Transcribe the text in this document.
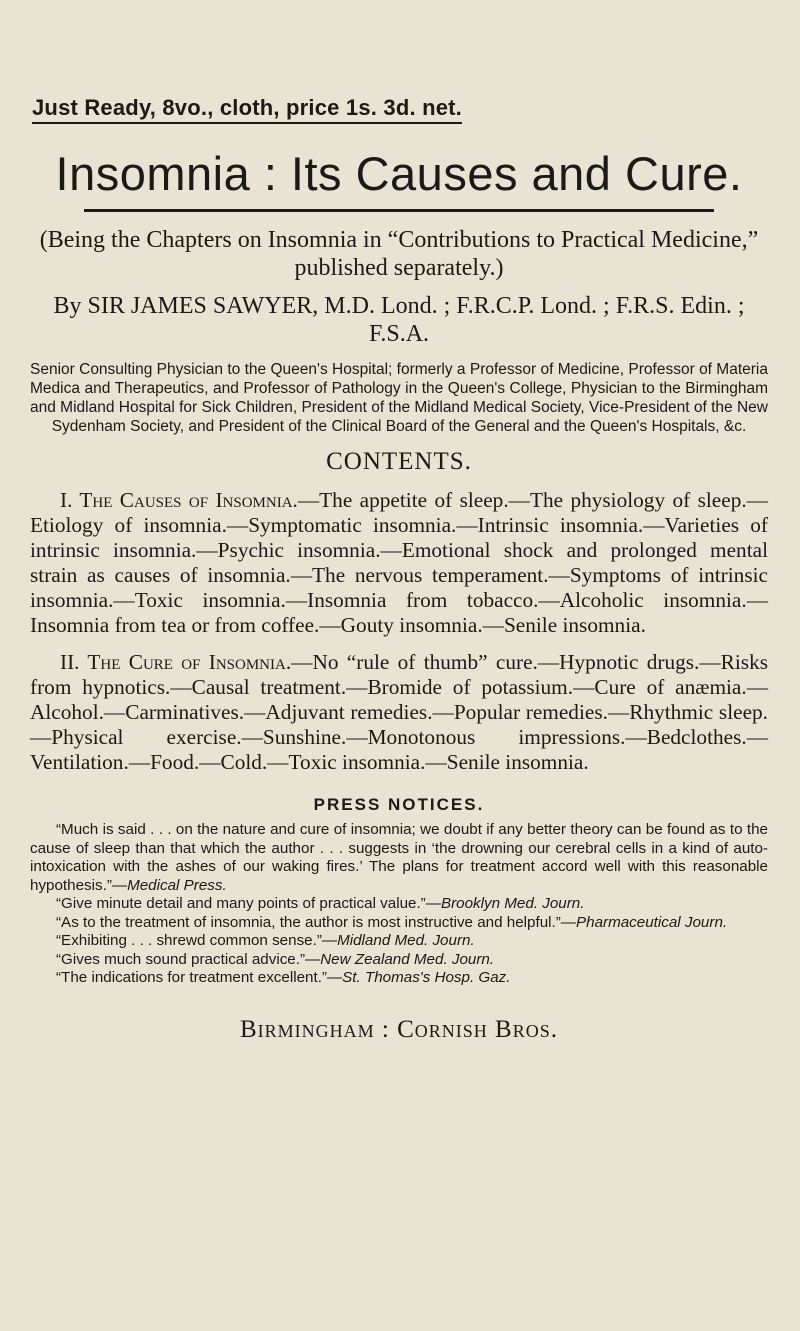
Just Ready, 8vo., cloth, price 1s. 3d. net.
Insomnia : Its Causes and Cure.
(Being the Chapters on Insomnia in “Contributions to Practical Medicine,” published separately.)
By SIR JAMES SAWYER, M.D. Lond. ; F.R.C.P. Lond. ; F.R.S. Edin. ; F.S.A.
Senior Consulting Physician to the Queen's Hospital; formerly a Professor of Medicine, Professor of Materia Medica and Therapeutics, and Professor of Pathology in the Queen's College, Physician to the Birmingham and Midland Hospital for Sick Children, President of the Midland Medical Society, Vice-President of the New Sydenham Society, and President of the Clinical Board of the General and the Queen's Hospitals, &c.
CONTENTS.
I. The Causes of Insomnia.—The appetite of sleep.—The physiology of sleep.—Etiology of insomnia.—Symptomatic insomnia.—Intrinsic insomnia.—Varieties of intrinsic insomnia.—Psychic insomnia.—Emotional shock and prolonged mental strain as causes of insomnia.—The nervous temperament.—Symptoms of intrinsic insomnia.—Toxic insomnia.—Insomnia from tobacco.—Alcoholic insomnia.—Insomnia from tea or from coffee.—Gouty insomnia.—Senile insomnia.
II. The Cure of Insomnia.—No “rule of thumb” cure.—Hypnotic drugs.—Risks from hypnotics.—Causal treatment.—Bromide of potassium.—Cure of anæmia.—Alcohol.—Carminatives.—Adjuvant remedies.—Popular remedies.—Rhythmic sleep.—Physical exercise.—Sunshine.—Monotonous impressions.—Bedclothes.—Ventilation.—Food.—Cold.—Toxic insomnia.—Senile insomnia.
PRESS NOTICES.

“Much is said . . . on the nature and cure of insomnia; we doubt if any better theory can be found as to the cause of sleep than that which the author . . . suggests in ‘the drowning our cerebral cells in a kind of auto-intoxication with the ashes of our waking fires.’ The plans for treatment accord well with this reasonable hypothesis.”—Medical Press.

“Give minute detail and many points of practical value.”—Brooklyn Med. Journ.

“As to the treatment of insomnia, the author is most instructive and helpful.”—Pharmaceutical Journ.

“Exhibiting . . . shrewd common sense.”—Midland Med. Journ.

“Gives much sound practical advice.”—New Zealand Med. Journ.

“The indications for treatment excellent.”—St. Thomas's Hosp. Gaz.

Birmingham : Cornish Bros.
